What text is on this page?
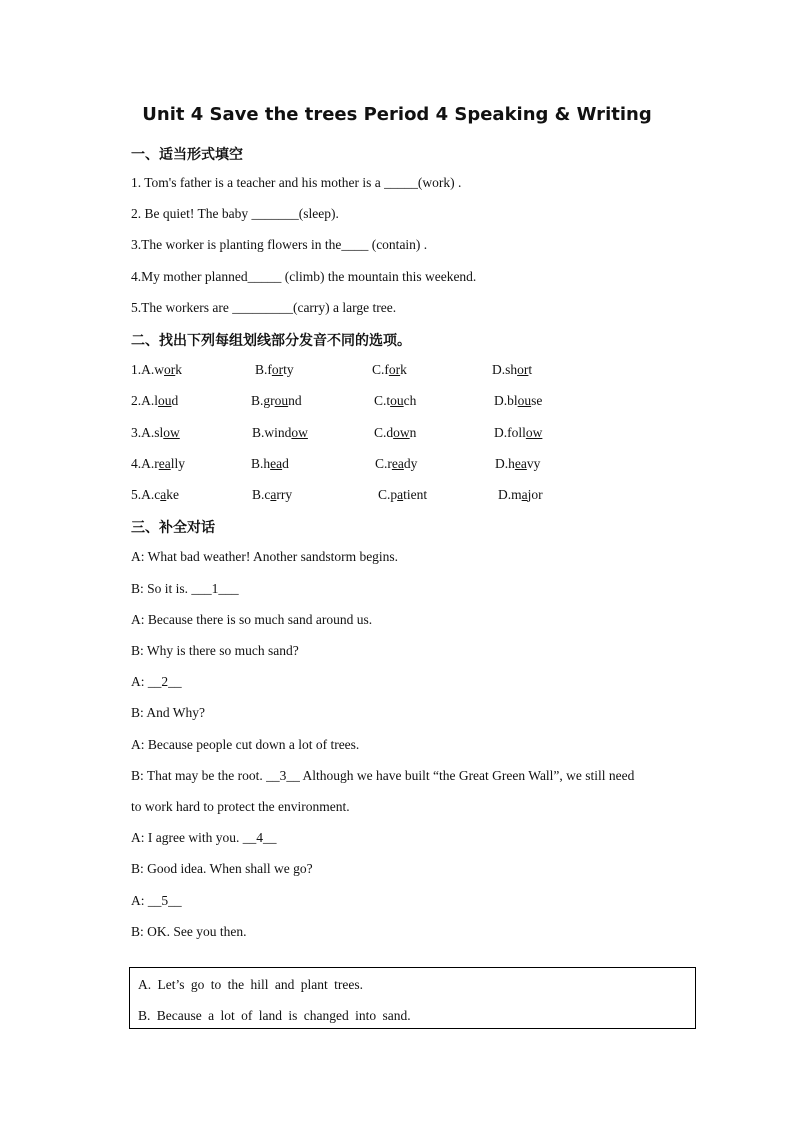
Unit 4 Save the trees Period 4 Speaking & Writing
一、适当形式填空
1. Tom's father is a teacher and his mother is a _____(work) .
2. Be quiet! The baby _______(sleep).
3.The worker is planting flowers in the____ (contain) .
4.My mother planned_____ (climb) the mountain this weekend.
5.The workers are _________(carry) a large tree.
二、找出下列每组划线部分发音不同的选项。
1.A.work	B.forty	C.fork	D.short
2.A.loud	B.ground	C.touch	D.blouse
3.A.slow	B.window	C.down	D.follow
4.A.really	B.head	C.ready	D.heavy
5.A.cake	B.carry	C.patient	D.major
三、补全对话
A: What bad weather! Another sandstorm begins.
B: So it is. ___1___
A: Because there is so much sand around us.
B: Why is there so much sand?
A: __2__
B: And Why?
A: Because people cut down a lot of trees.
B: That may be the root. __3__ Although we have built “the Great Green Wall”, we still need
to work hard to protect the environment.
A: I agree with you. __4__
B: Good idea. When shall we go?
A: __5__
B: OK. See you then.
A. Let’s go to the hill and plant trees.
B. Because a lot of land is changed into sand.
